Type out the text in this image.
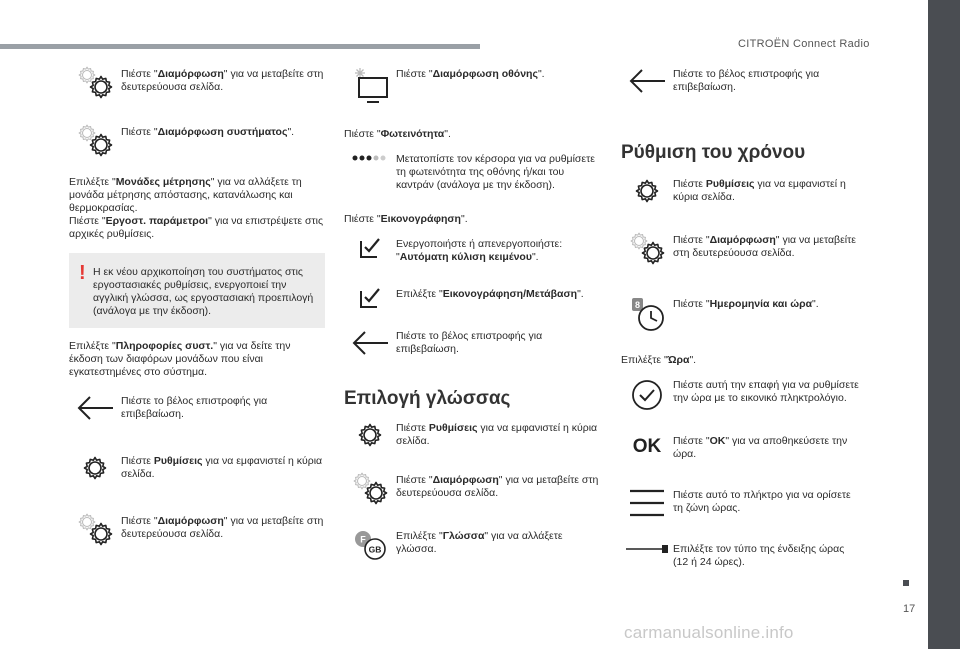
CITROËN Connect Radio
17
carmanualsonline.info
Πιέστε "Διαμόρφωση" για να μεταβείτε στη δευτερεύουσα σελίδα.
Πιέστε "Διαμόρφωση συστήματος".
Επιλέξτε "Μονάδες μέτρησης" για να αλλάξετε τη μονάδα μέτρησης απόστασης, κατανάλωσης και θερμοκρασίας.
Πιέστε "Εργοστ. παράμετροι" για να επιστρέψετε στις αρχικές ρυθμίσεις.
! Η εκ νέου αρχικοποίηση του συστήματος στις εργοστασιακές ρυθμίσεις, ενεργοποιεί την αγγλική γλώσσα, ως εργοστασιακή προεπιλογή (ανάλογα με την έκδοση).
Επιλέξτε "Πληροφορίες συστ." για να δείτε την έκδοση των διαφόρων μονάδων που είναι εγκατεστημένες στο σύστημα.
Πιέστε το βέλος επιστροφής για επιβεβαίωση.
Πιέστε Ρυθμίσεις για να εμφανιστεί η κύρια σελίδα.
Πιέστε "Διαμόρφωση" για να μεταβείτε στη δευτερεύουσα σελίδα.
Πιέστε "Διαμόρφωση οθόνης".
Πιέστε "Φωτεινότητα".
Μετατοπίστε τον κέρσορα για να ρυθμίσετε τη φωτεινότητα της οθόνης ή/και του καντράν (ανάλογα με την έκδοση).
Πιέστε "Εικονογράφηση".
Ενεργοποιήστε ή απενεργοποιήστε: "Αυτόματη κύλιση κειμένου".
Επιλέξτε "Εικονογράφηση/Μετάβαση".
Πιέστε το βέλος επιστροφής για επιβεβαίωση.
Επιλογή γλώσσας
Πιέστε Ρυθμίσεις για να εμφανιστεί η κύρια σελίδα.
Πιέστε "Διαμόρφωση" για να μεταβείτε στη δευτερεύουσα σελίδα.
F
GB
Επιλέξτε "Γλώσσα" για να αλλάξετε γλώσσα.
Πιέστε το βέλος επιστροφής για επιβεβαίωση.
Ρύθμιση του χρόνου
Πιέστε Ρυθμίσεις για να εμφανιστεί η κύρια σελίδα.
Πιέστε "Διαμόρφωση" για να μεταβείτε στη δευτερεύουσα σελίδα.
8	Πιέστε "Ημερομηνία και ώρα".
Επιλέξτε "Ώρα".
Πιέστε αυτή την επαφή για να ρυθμίσετε την ώρα με το εικονικό πληκτρολόγιο.
OK Πιέστε "OK" για να αποθηκεύσετε την ώρα.
Πιέστε αυτό το πλήκτρο για να ορίσετε τη ζώνη ώρας.
Επιλέξτε τον τύπο της ένδειξης ώρας (12 ή 24 ώρες).
